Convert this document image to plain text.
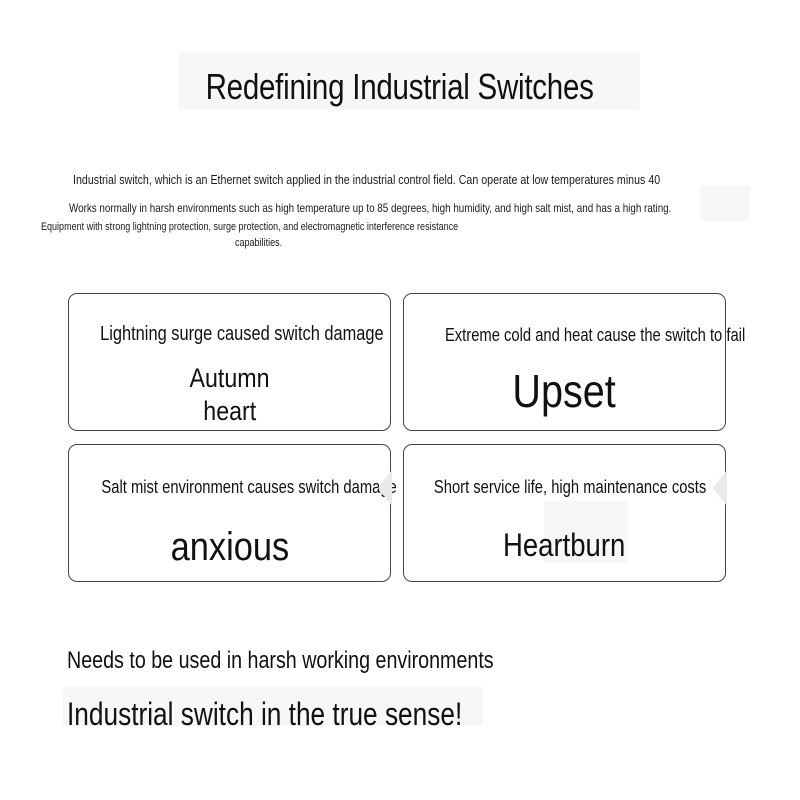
Redefining Industrial Switches
Industrial switch, which is an Ethernet switch applied in the industrial control field. Can operate at low temperatures minus 40
Works normally in harsh environments such as high temperature up to 85 degrees, high humidity, and high salt mist, and has a high rating.
Equipment with strong lightning protection, surge protection, and electromagnetic interference resistance
capabilities.
Lightning surge caused switch damage
Autumn
heart
Extreme cold and heat cause the switch to fail
Upset
Salt mist environment causes switch damage
anxious
Short service life, high maintenance costs
Heartburn
Needs to be used in harsh working environments
Industrial switch in the true sense!
